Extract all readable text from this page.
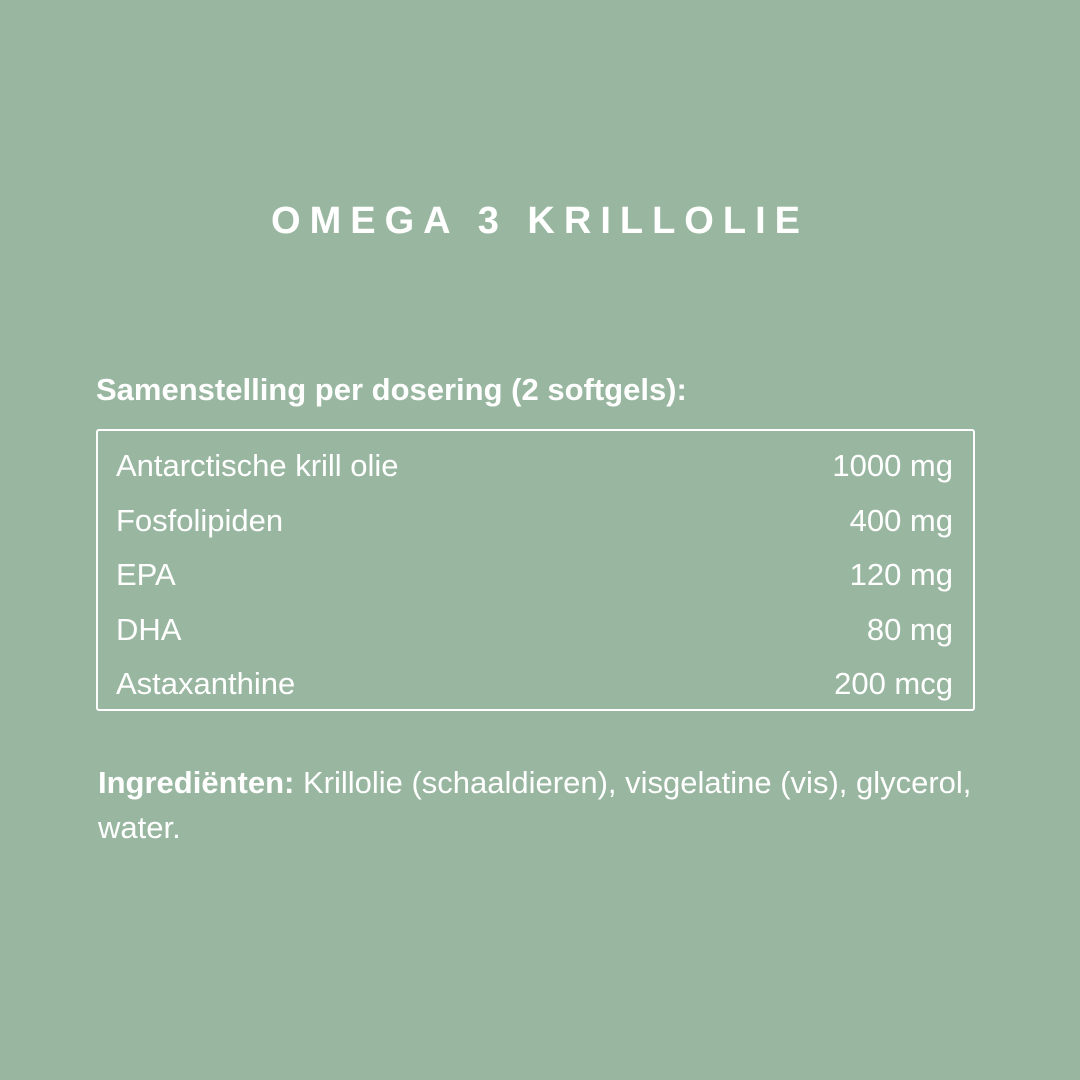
OMEGA 3 KRILLOLIE
Samenstelling per dosering (2 softgels):
Antarctische krill olie	1000 mg
Fosfolipiden	400 mg
EPA	120 mg
DHA	80 mg
Astaxanthine	200 mcg
Ingrediënten: Krillolie (schaaldieren), visgelatine (vis), glycerol, water.
